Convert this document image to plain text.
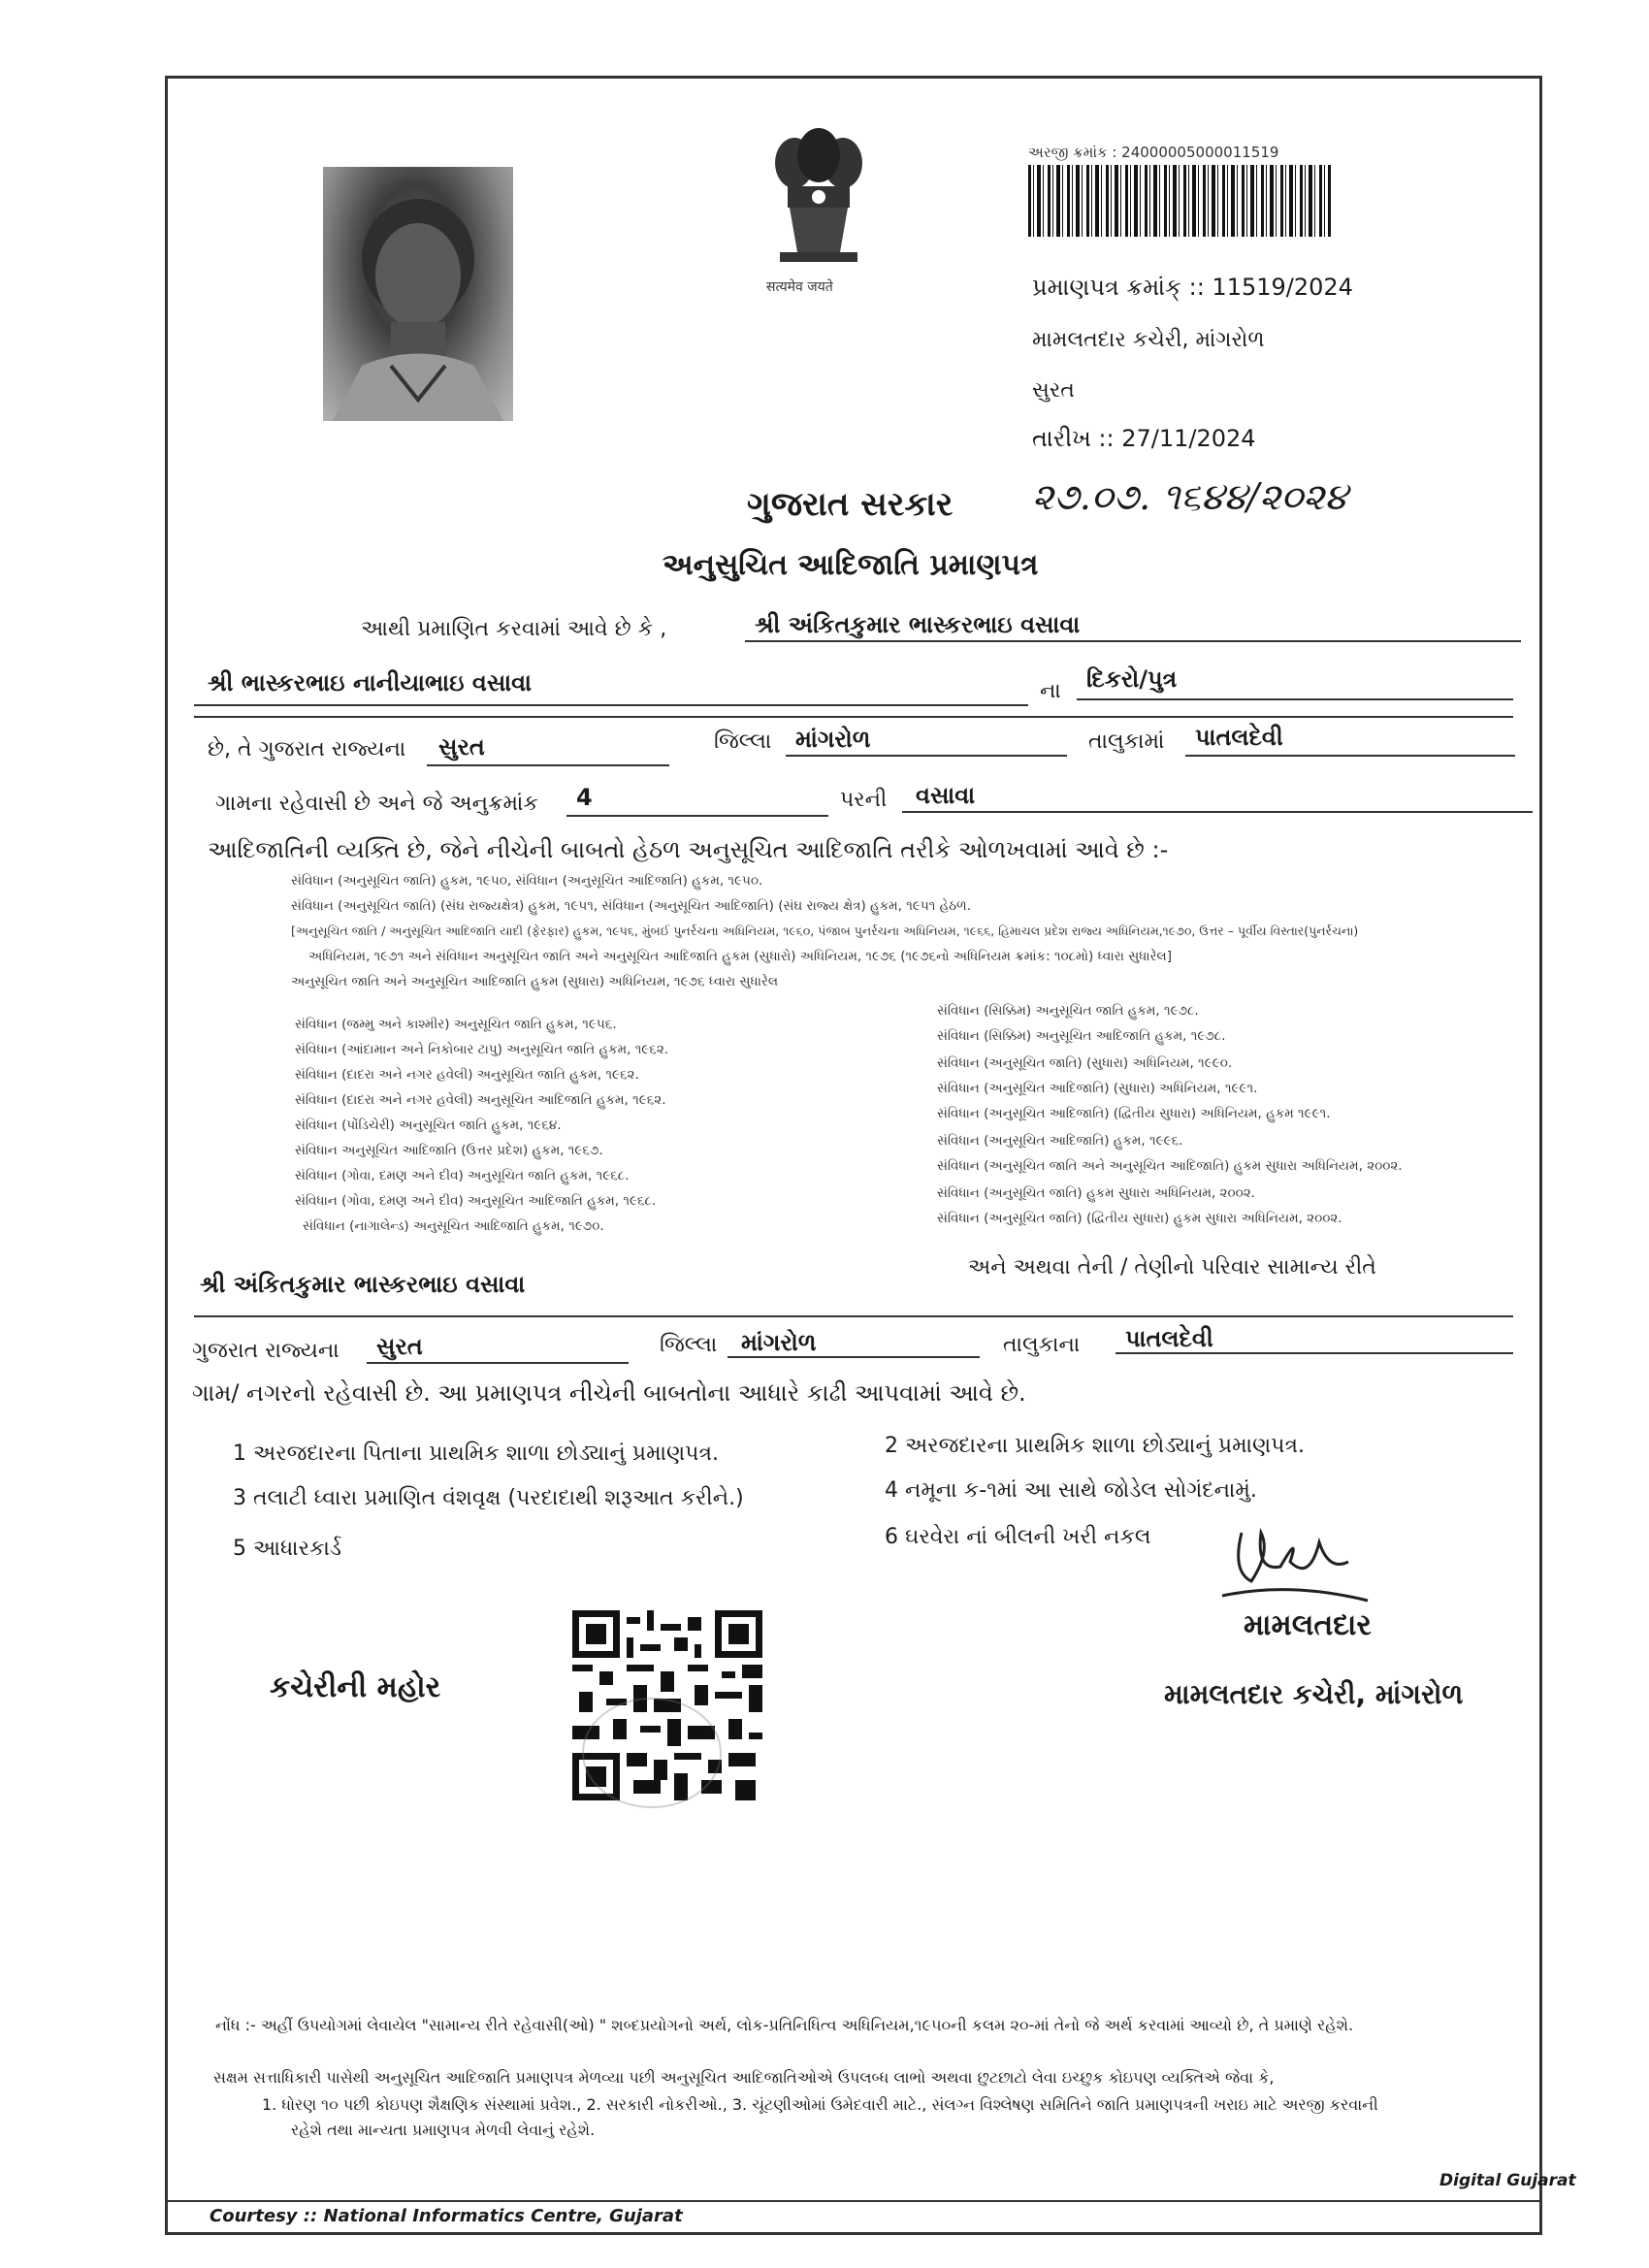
सत्यमेव जयते
અરજી ક્રમાંક : 24000005000011519
પ્રમાણપત્ર ક્રમાંક્ :: 11519/2024
મામલતદાર કચેરી, માંગરોળ
સુરત
તારીખ :: 27/11/2024
૨૭.૦૭. ૧૬૪૪/૨૦૨૪
ગુજરાત સરકાર
અનુસુચિત આદિજાતિ પ્રમાણપત્ર
આથી પ્રમાણિત કરવામાં આવે છે કે ,	શ્રી અંકિતકુમાર ભાસ્કરભાઇ વસાવા
શ્રી ભાસ્કરભાઇ નાનીયાભાઇ વસાવા	ના દિકરો/પુત્ર
છે, તે ગુજરાત રાજ્યના સુરત	જિલ્લા માંગરોળ	તાલુકામાં પાતલદેવી
ગામના રહેવાસી છે અને જે અનુક્રમાંક 4	પરની વસાવા
આદિજાતિની વ્યક્તિ છે, જેને નીચેની બાબતો હેઠળ અનુસૂચિત આદિજાતિ તરીકે ઓળખવામાં આવે છે :-
સંવિધાન (અનુસૂચિત જાતિ) હુકમ, ૧૯૫૦, સંવિધાન (અનુસૂચિત આદિજાતિ) હુકમ, ૧૯૫૦.
સંવિધાન (અનુસૂચિત જાતિ) (સંઘ રાજ્યક્ષેત્ર) હુકમ, ૧૯૫૧, સંવિધાન (અનુસૂચિત આદિજાતિ) (સંઘ રાજ્ય ક્ષેત્ર) હુકમ, ૧૯૫૧ હેઠળ.
[અનુસૂચિત જાતિ / અનુસૂચિત આદિજાતિ યાદી (ફેરફાર) હુકમ, ૧૯૫૬, મુંબઈ પુનર્રચના અધિનિયમ, ૧૯૬૦, પંજાબ પુનર્રચના અધિનિયમ, ૧૯૬૬, હિમાચલ પ્રદેશ રાજ્ય અધિનિયમ,૧૯૭૦, ઉત્તર – પૂર્વીય વિસ્તાર(પુનર્રચના)
અધિનિયમ, ૧૯૭૧ અને સંવિધાન અનુસૂચિત જાતિ અને અનુસૂચિત આદિજાતિ હુકમ (સુધારો) અધિનિયમ, ૧૯૭૬ (૧૯૭૬નો અધિનિયમ ક્રમાંક: ૧૦૮મો) ધ્વારા સુધારેલ]
અનુસૂચિત જાતિ અને અનુસૂચિત આદિજાતિ હુકમ (સુધારા) અધિનિયમ, ૧૯૭૬ ધ્વારા સુધારેલ
સંવિધાન (જમ્મુ અને કાશ્મીર) અનુસૂચિત જાતિ હુકમ, ૧૯૫૬.
સંવિધાન (આંદામાન અને નિકોબાર ટાપુ) અનુસૂચિત જાતિ હુકમ, ૧૯૬૨.
સંવિધાન (દાદરા અને નગર હવેલી) અનુસૂચિત જાતિ હુકમ, ૧૯૬૨.
સંવિધાન (દાદરા અને નગર હવેલી) અનુસૂચિત આદિજાતિ હુકમ, ૧૯૬૨.
સંવિધાન (પોંડિચેરી) અનુસૂચિત જાતિ હુકમ, ૧૯૬૪.
સંવિધાન અનુસૂચિત આદિજાતિ (ઉત્તર પ્રદેશ) હુકમ, ૧૯૬૭.
સંવિધાન (ગોવા, દમણ અને દીવ) અનુસૂચિત જાતિ હુકમ, ૧૯૬૮.
સંવિધાન (ગોવા, દમણ અને દીવ) અનુસૂચિત આદિજાતિ હુકમ, ૧૯૬૮.
સંવિધાન (નાગાલેન્ડ) અનુસૂચિત આદિજાતિ હુકમ, ૧૯૭૦.
સંવિધાન (સિક્કિમ) અનુસૂચિત જાતિ હુકમ, ૧૯૭૮.
સંવિધાન (સિક્કિમ) અનુસૂચિત આદિજાતિ હુકમ, ૧૯૭૮.
સંવિધાન (અનુસૂચિત જાતિ) (સુધારા) અધિનિયમ, ૧૯૯૦.
સંવિધાન (અનુસૂચિત આદિજાતિ) (સુધારા) અધિનિયમ, ૧૯૯૧.
સંવિધાન (અનુસૂચિત આદિજાતિ) (દ્વિતીય સુધારા) અધિનિયમ, હુકમ ૧૯૯૧.
સંવિધાન (અનુસૂચિત આદિજાતિ) હુકમ, ૧૯૯૬.
સંવિધાન (અનુસૂચિત જાતિ અને અનુસૂચિત આદિજાતિ) હુકમ સુધારા અધિનિયમ, ૨૦૦૨.
સંવિધાન (અનુસૂચિત જાતિ) હુકમ સુધારા અધિનિયમ, ૨૦૦૨.
સંવિધાન (અનુસૂચિત જાતિ) (દ્વિતીય સુધારા) હુકમ સુધારા અધિનિયમ, ૨૦૦૨.
શ્રી અંકિતકુમાર ભાસ્કરભાઇ વસાવા
અને અથવા તેની / તેણીનો પરિવાર સામાન્ય રીતે
ગુજરાત રાજ્યના સુરત	જિલ્લા માંગરોળ	તાલુકાના પાતલદેવી
ગામ/ નગરનો રહેવાસી છે. આ પ્રમાણપત્ર નીચેની બાબતોના આધારે કાઢી આપવામાં આવે છે.
1 અરજદારના પિતાના પ્રાથમિક શાળા છોડ્યાનું પ્રમાણપત્ર.	2 અરજદારના પ્રાથમિક શાળા છોડ્યાનું પ્રમાણપત્ર.
3 તલાટી ધ્વારા પ્રમાણિત વંશવૃક્ષ (પરદાદાથી શરૂઆત કરીને.)	4 નમૂના ક-૧માં આ સાથે જોડેલ સોગંદનામું.
5 આધારકાર્ડ	6 ઘરવેરા નાં બીલની ખરી નકલ
મામલતદાર
મામલતદાર કચેરી, માંગરોળ
કચેરીની મહોર
નોંધ :- અહીં ઉપયોગમાં લેવાયેલ "સામાન્ય રીતે રહેવાસી(ઓ) " શબ્દપ્રયોગનો અર્થ, લોક-પ્રતિનિધિત્વ અધિનિયમ,૧૯૫૦ની કલમ ૨૦-માં તેનો જે અર્થ કરવામાં આવ્યો છે, તે પ્રમાણે રહેશે.
સક્ષમ સત્તાધિકારી પાસેથી અનુસૂચિત આદિજાતિ પ્રમાણપત્ર મેળવ્યા પછી અનુસૂચિત આદિજાતિઓએ ઉપલબ્ધ લાભો અથવા છુટછાટો લેવા ઇચ્છુક કોઇપણ વ્યક્તિએ જેવા કે,
1. ધોરણ ૧૦ પછી કોઇપણ શૈક્ષણિક સંસ્થામાં પ્રવેશ., 2. સરકારી નોકરીઓ., 3. ચૂંટણીઓમાં ઉમેદવારી માટે., સંલગ્ન વિશ્લેષણ સમિતિને જાતિ પ્રમાણપત્રની ખરાઇ માટે અરજી કરવાની
રહેશે તથા માન્યતા પ્રમાણપત્ર મેળવી લેવાનું રહેશે.
Digital Gujarat
Courtesy :: National Informatics Centre, Gujarat
